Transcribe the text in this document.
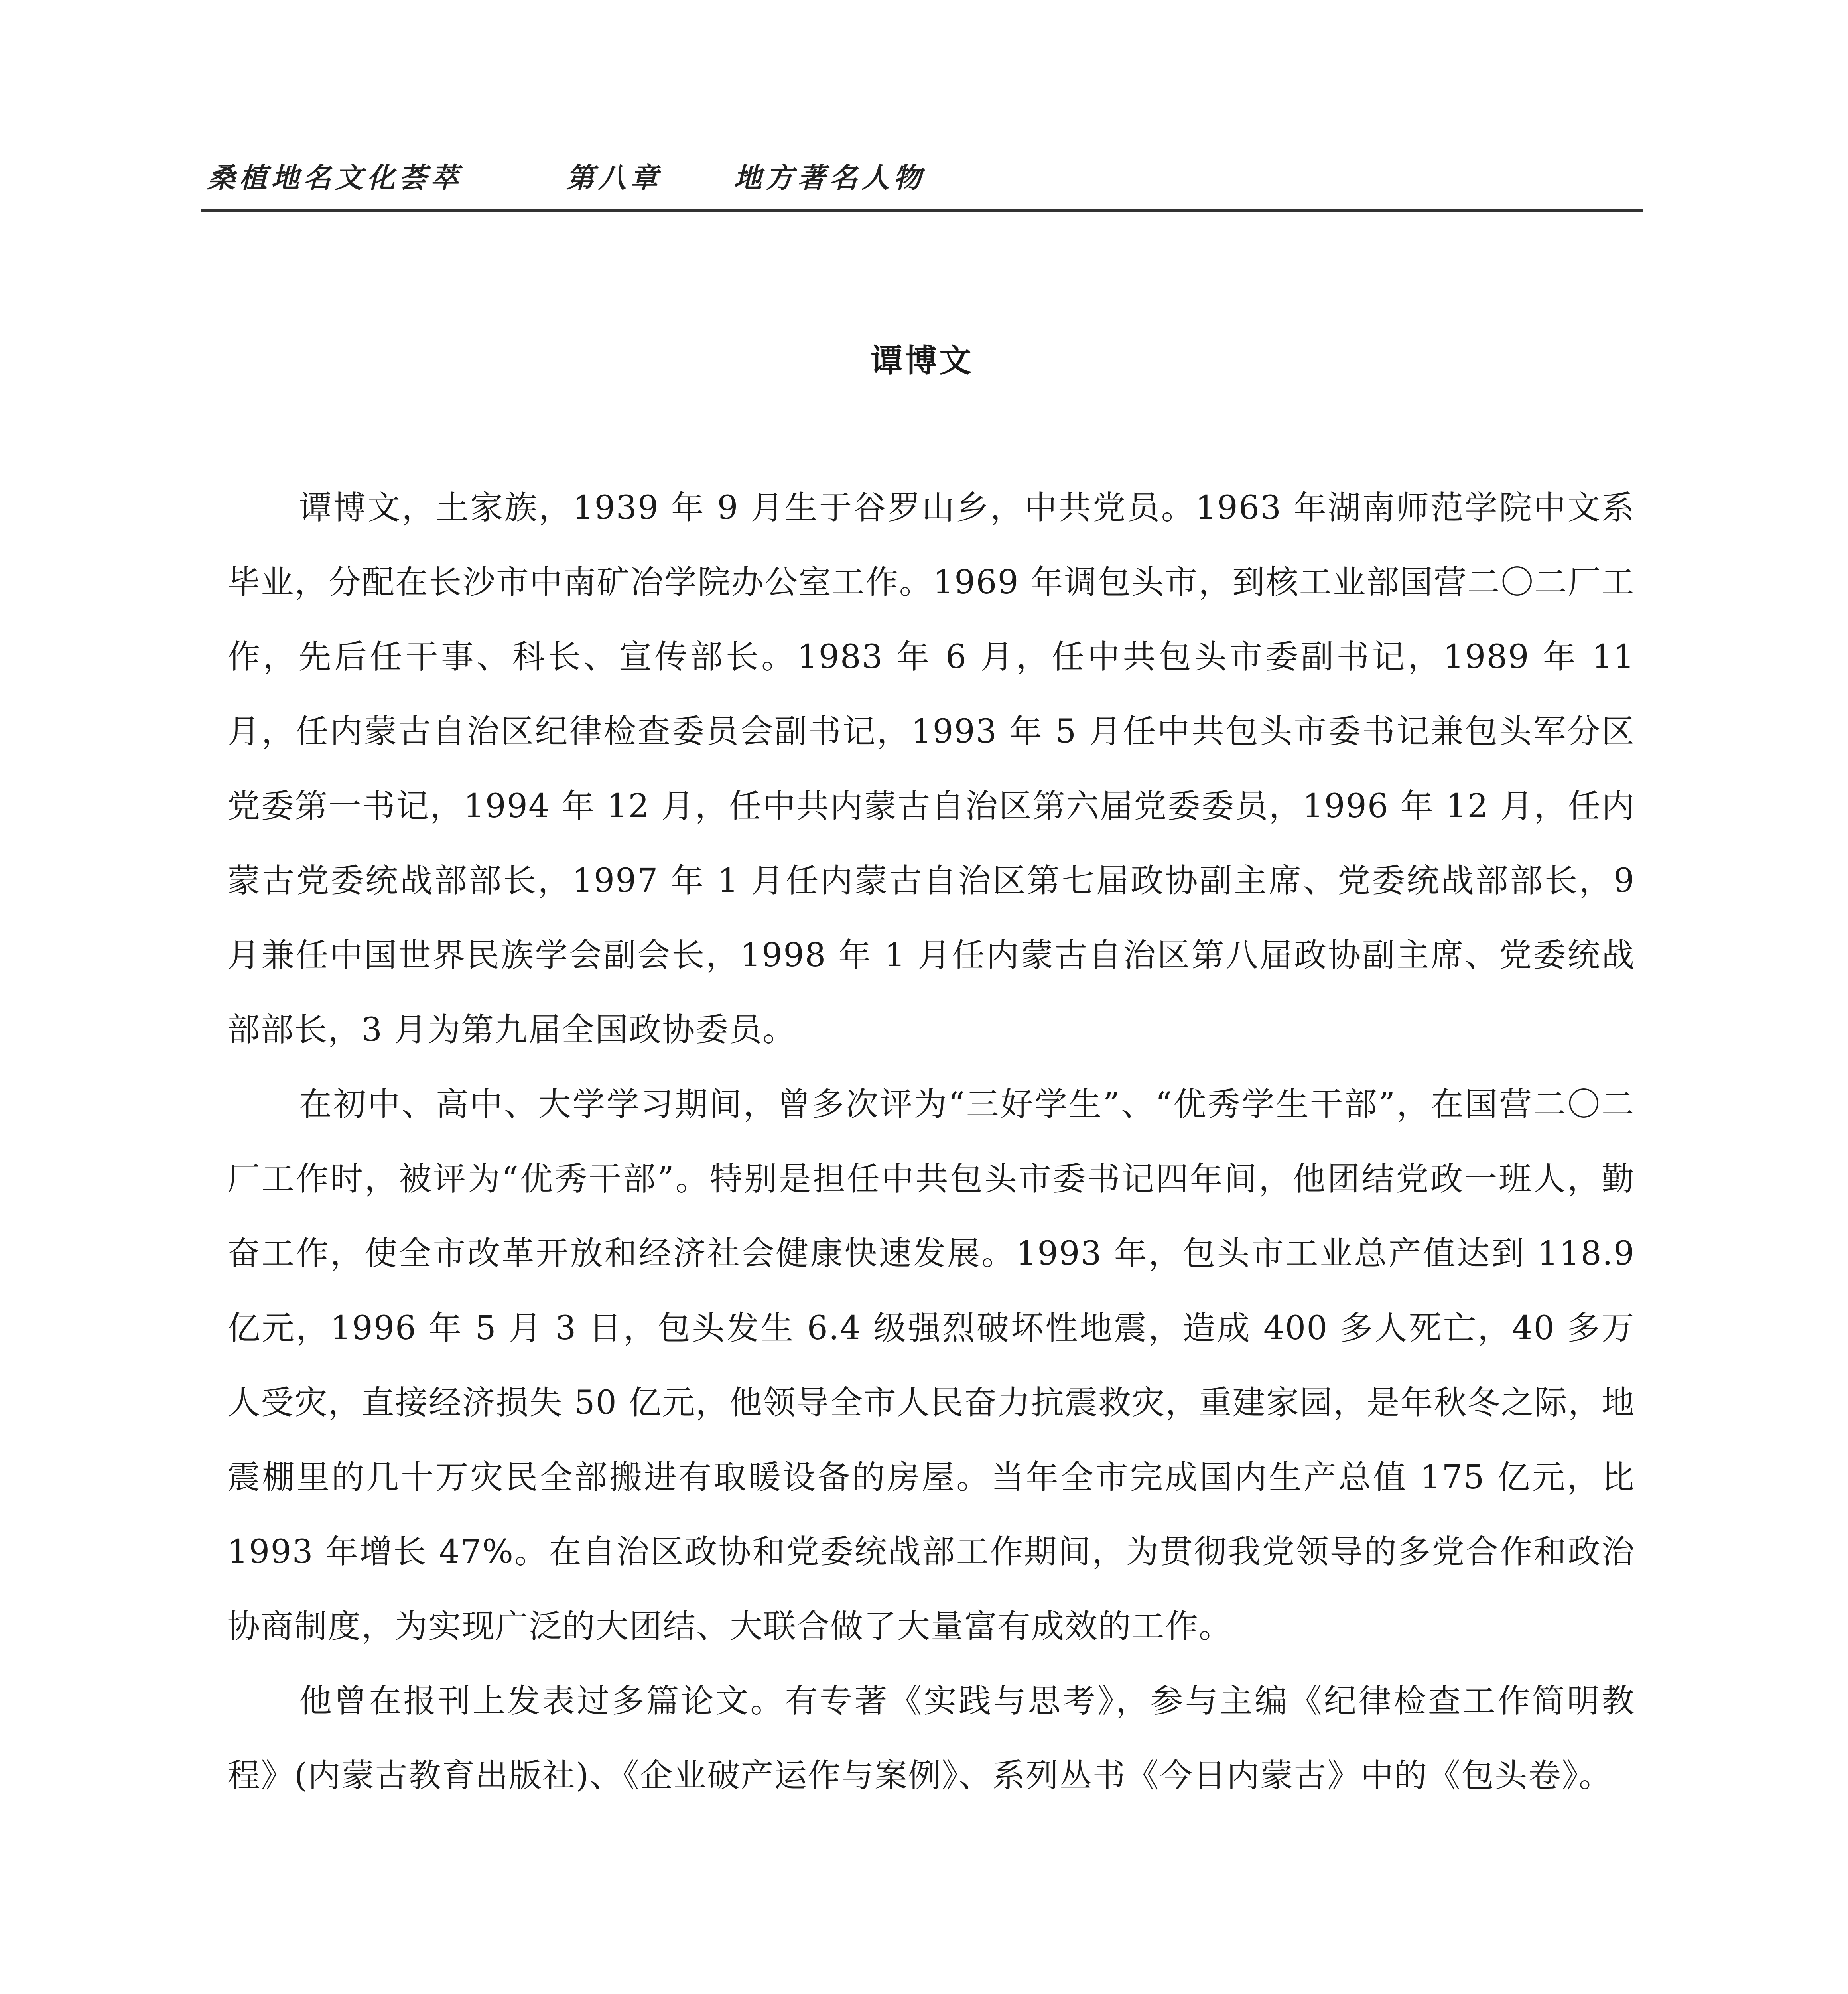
桑植地名文化荟萃	第八章	地方著名人物
谭博文

谭博文，土家族，1939 年 9 月生于谷罗山乡，中共党员。1963 年湖南师范学院中文系毕业，分配在长沙市中南矿冶学院办公室工作。1969 年调包头市，到核工业部国营二〇二厂工作，先后任干事、科长、宣传部长。1983 年 6 月，任中共包头市委副书记，1989 年 11 月，任内蒙古自治区纪律检查委员会副书记，1993 年 5 月任中共包头市委书记兼包头军分区党委第一书记，1994 年 12 月，任中共内蒙古自治区第六届党委委员，1996 年 12 月，任内蒙古党委统战部部长，1997 年 1 月任内蒙古自治区第七届政协副主席、党委统战部部长，9 月兼任中国世界民族学会副会长，1998 年 1 月任内蒙古自治区第八届政协副主席、党委统战部部长，3 月为第九届全国政协委员。

在初中、高中、大学学习期间，曾多次评为“三好学生”、“优秀学生干部”，在国营二〇二厂工作时，被评为“优秀干部”。特别是担任中共包头市委书记四年间，他团结党政一班人，勤奋工作，使全市改革开放和经济社会健康快速发展。1993 年，包头市工业总产值达到 118.9 亿元，1996 年 5 月 3 日，包头发生 6.4 级强烈破坏性地震，造成 400 多人死亡，40 多万人受灾，直接经济损失 50 亿元，他领导全市人民奋力抗震救灾，重建家园，是年秋冬之际，地震棚里的几十万灾民全部搬进有取暖设备的房屋。当年全市完成国内生产总值 175 亿元，比 1993 年增长 47%。在自治区政协和党委统战部工作期间，为贯彻我党领导的多党合作和政治协商制度，为实现广泛的大团结、大联合做了大量富有成效的工作。

他曾在报刊上发表过多篇论文。有专著《实践与思考》，参与主编《纪律检查工作简明教程》(内蒙古教育出版社)、《企业破产运作与案例》、系列丛书《今日内蒙古》中的《包头卷》。
